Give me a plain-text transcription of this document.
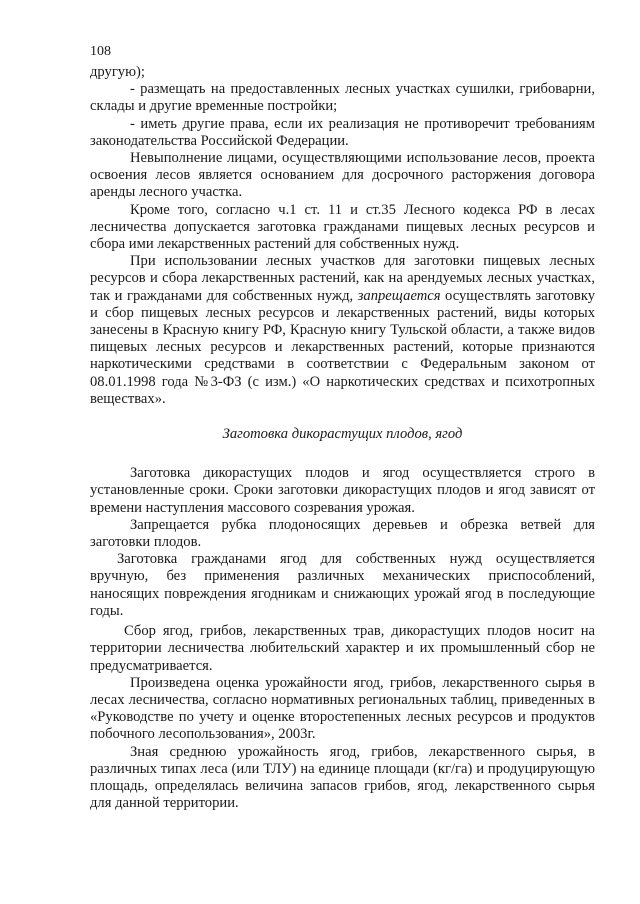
108

другую);

- размещать на предоставленных лесных участках сушилки, грибоварни, склады и другие временные постройки;

- иметь другие права, если их реализация не противоречит требованиям законодательства Российской Федерации.

Невыполнение лицами, осуществляющими использование лесов, проекта освоения лесов является основанием для досрочного расторжения договора аренды лесного участка.

Кроме того, согласно ч.1 ст. 11 и ст.35 Лесного кодекса РФ в лесах лесничества допускается заготовка гражданами пищевых лесных ресурсов и сбора ими лекарственных растений для собственных нужд.

При использовании лесных участков для заготовки пищевых лесных ресурсов и сбора лекарственных растений, как на арендуемых лесных участках, так и гражданами для собственных нужд, запрещается осуществлять заготовку и сбор пищевых лесных ресурсов и лекарственных растений, виды которых занесены в Красную книгу РФ, Красную книгу Тульской области, а также видов пищевых лесных ресурсов и лекарственных растений, которые признаются наркотическими средствами в соответствии с Федеральным законом от 08.01.1998 года №3-ФЗ (с изм.) «О наркотических средствах и психотропных веществах».

Заготовка дикорастущих плодов, ягод

Заготовка дикорастущих плодов и ягод осуществляется строго в установленные сроки. Сроки заготовки дикорастущих плодов и ягод зависят от времени наступления массового созревания урожая.

Запрещается рубка плодоносящих деревьев и обрезка ветвей для заготовки плодов.

Заготовка гражданами ягод для собственных нужд осуществляется вручную, без применения различных механических приспособлений, наносящих повреждения ягодникам и снижающих урожай ягод в последующие годы.

Сбор ягод, грибов, лекарственных трав, дикорастущих плодов носит на территории лесничества любительский характер и их промышленный сбор не предусматривается.

Произведена оценка урожайности ягод, грибов, лекарственного сырья в лесах лесничества, согласно нормативных региональных таблиц, приведенных в «Руководстве по учету и оценке второстепенных лесных ресурсов и продуктов побочного лесопользования», 2003г.

Зная среднюю урожайность ягод, грибов, лекарственного сырья, в различных типах леса (или ТЛУ) на единице площади (кг/га) и продуцирующую площадь, определялась величина запасов грибов, ягод, лекарственного сырья для данной территории.
